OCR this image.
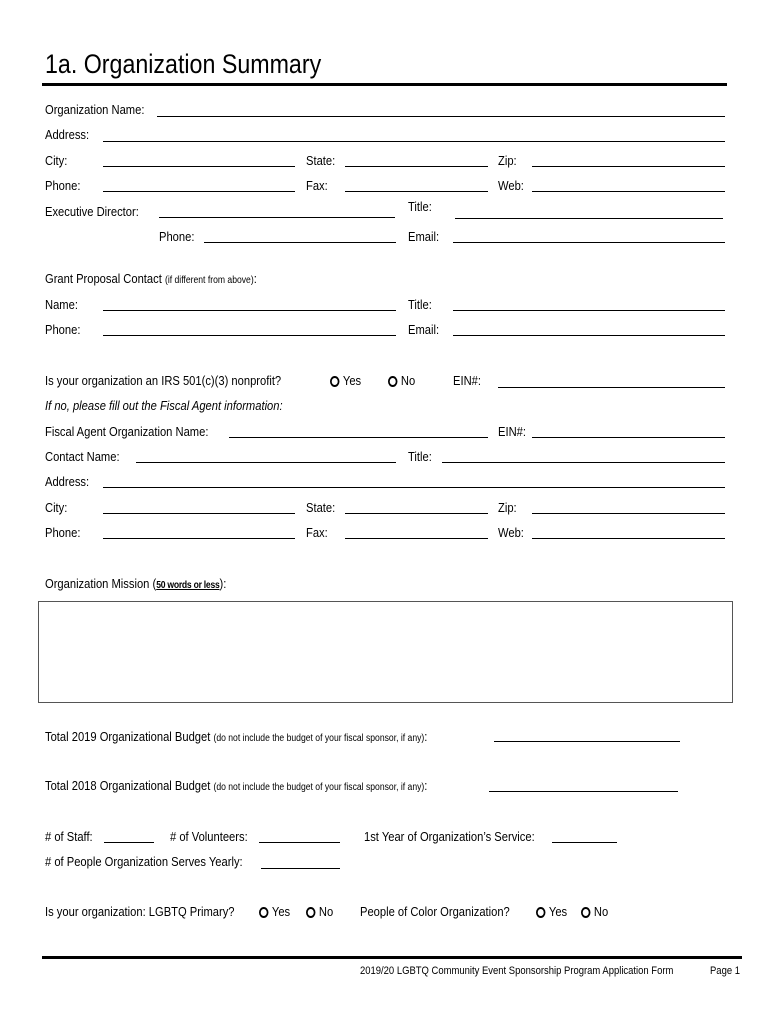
1a. Organization Summary
Organization Name:
Address:
City:	State:	Zip:
Phone:	Fax:	Web:
Executive Director:	Title:
Phone:	Email:
Grant Proposal Contact (if different from above):
Name:	Title:
Phone:	Email:
Is your organization an IRS 501(c)(3) nonprofit?	Yes	No	EIN#:
If no, please fill out the Fiscal Agent information:
Fiscal Agent Organization Name:	EIN#:
Contact Name:	Title:
Address:
City:	State:	Zip:
Phone:	Fax:	Web:
Organization Mission (50 words or less):
Total 2019 Organizational Budget (do not include the budget of your fiscal sponsor, if any):
Total 2018 Organizational Budget (do not include the budget of your fiscal sponsor, if any):
# of Staff:	# of Volunteers:	1st Year of Organization’s Service:
# of People Organization Serves Yearly:
Is your organization: LGBTQ Primary?	Yes No People of Color Organization?	Yes No
2019/20 LGBTQ Community Event Sponsorship Program Application Form	Page 1
